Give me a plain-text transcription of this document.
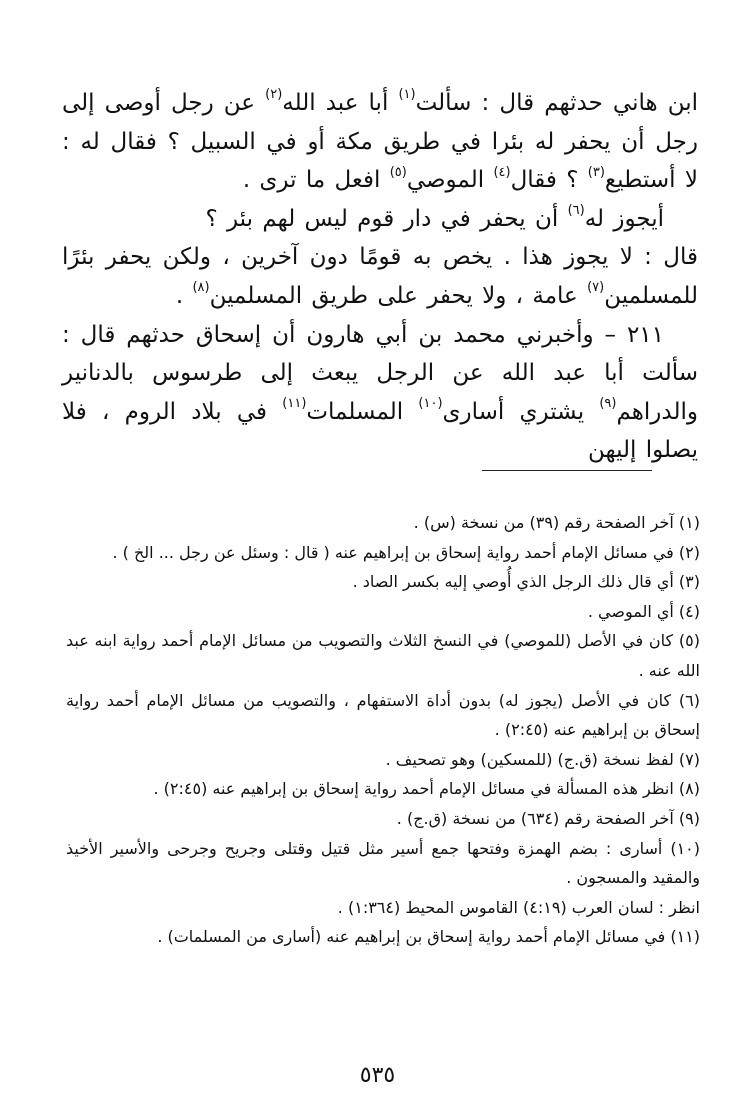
ابن هاني حدثهم قال : سألت$^{(١)}$ أبا عبد الله$^{(٢)}$ عن رجل أوصى إلى رجل أن يحفر له بئرا في طريق مكة أو في السبيل ؟ فقال له : لا أستطيع$^{(٣)}$ ؟ فقال$^{(٤)}$ الموصي$^{(٥)}$ افعل ما ترى .

أيجوز له$^{(٦)}$ أن يحفر في دار قوم ليس لهم بئر ؟

قال : لا يجوز هذا . يخص به قومًا دون آخرين ، ولكن يحفر بئرًا للمسلمين$^{(٧)}$ عامة ، ولا يحفر على طريق المسلمين$^{(٨)}$ .

٢١١ – وأخبرني محمد بن أبي هارون أن إسحاق حدثهم قال : سألت أبا عبد الله عن الرجل يبعث إلى طرسوس بالدنانير والدراهم$^{(٩)}$ يشتري أسارى$^{(١٠)}$ المسلمات$^{(١١)}$ في بلاد الروم ، فلا يصلوا إليهن

(١) آخر الصفحة رقم (٣٩) من نسخة (س) .

(٢) في مسائل الإمام أحمد رواية إسحاق بن إبراهيم عنه ( قال : وسئل عن رجل ... الخ ) .

(٣) أي قال ذلك الرجل الذي أُوصي إليه بكسر الصاد .

(٤) أي الموصي .

(٥) كان في الأصل (للموصي) في النسخ الثلاث والتصويب من مسائل الإمام أحمد رواية ابنه عبد الله عنه .

(٦) كان في الأصل (يجوز له) بدون أداة الاستفهام ، والتصويب من مسائل الإمام أحمد رواية إسحاق بن إبراهيم عنه (٢:٤٥) .

(٧) لفظ نسخة (ق.ج) (للمسكين) وهو تصحيف .

(٨) انظر هذه المسألة في مسائل الإمام أحمد رواية إسحاق بن إبراهيم عنه (٢:٤٥) .

(٩) آخر الصفحة رقم (٦٣٤) من نسخة (ق.ج) .

(١٠) أسارى : بضم الهمزة وفتحها جمع أسير مثل قتيل وقتلى وجريح وجرحى والأسير الأخيذ والمقيد والمسجون .

انظر : لسان العرب (٤:١٩) القاموس المحيط (١:٣٦٤) .

(١١) في مسائل الإمام أحمد رواية إسحاق بن إبراهيم عنه (أسارى من المسلمات) .

٥٣٥
